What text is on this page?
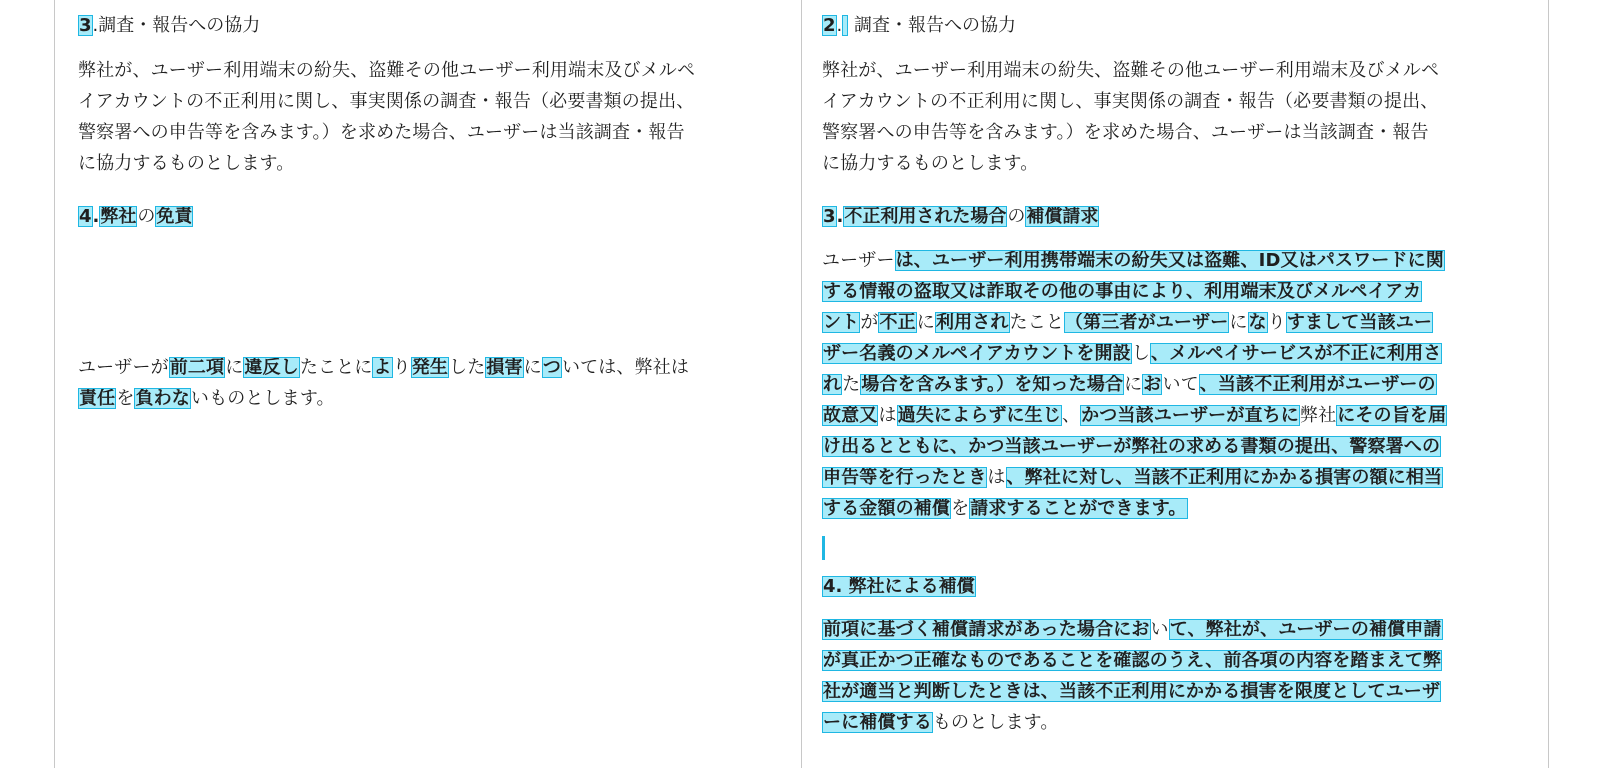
3.調査・報告への協力
弊社が、ユーザー利用端末の紛失、盗難その他ユーザー利用端末及びメルペ
イアカウントの不正利用に関し、事実関係の調査・報告（必要書類の提出、
警察署への申告等を含みます。）を求めた場合、ユーザーは当該調査・報告
に協力するものとします。
4.弊社の免責
ユーザーが前二項に違反したことにより発生した損害については、弊社は
責任を負わないものとします。
2. 調査・報告への協力
弊社が、ユーザー利用端末の紛失、盗難その他ユーザー利用端末及びメルペ
イアカウントの不正利用に関し、事実関係の調査・報告（必要書類の提出、
警察署への申告等を含みます。）を求めた場合、ユーザーは当該調査・報告
に協力するものとします。
3.不正利用された場合の補償請求
ユーザーは、ユーザー利用携帯端末の紛失又は盗難、ID又はパスワードに関
する情報の盗取又は詐取その他の事由により、利用端末及びメルペイアカ
ントが不正に利用されたこと（第三者がユーザーになりすまして当該ユー
ザー名義のメルペイアカウントを開設し、メルペイサービスが不正に利用さ
れた場合を含みます。）を知った場合において、当該不正利用がユーザーの
故意又は過失によらずに生じ、かつ当該ユーザーが直ちに弊社にその旨を届
け出るとともに、かつ当該ユーザーが弊社の求める書類の提出、警察署への
申告等を行ったときは、弊社に対し、当該不正利用にかかる損害の額に相当
する金額の補償を請求することができます。
4. 弊社による補償
前項に基づく補償請求があった場合において、弊社が、ユーザーの補償申請
が真正かつ正確なものであることを確認のうえ、前各項の内容を踏まえて弊
社が適当と判断したときは、当該不正利用にかかる損害を限度としてユーザ
ーに補償するものとします。
